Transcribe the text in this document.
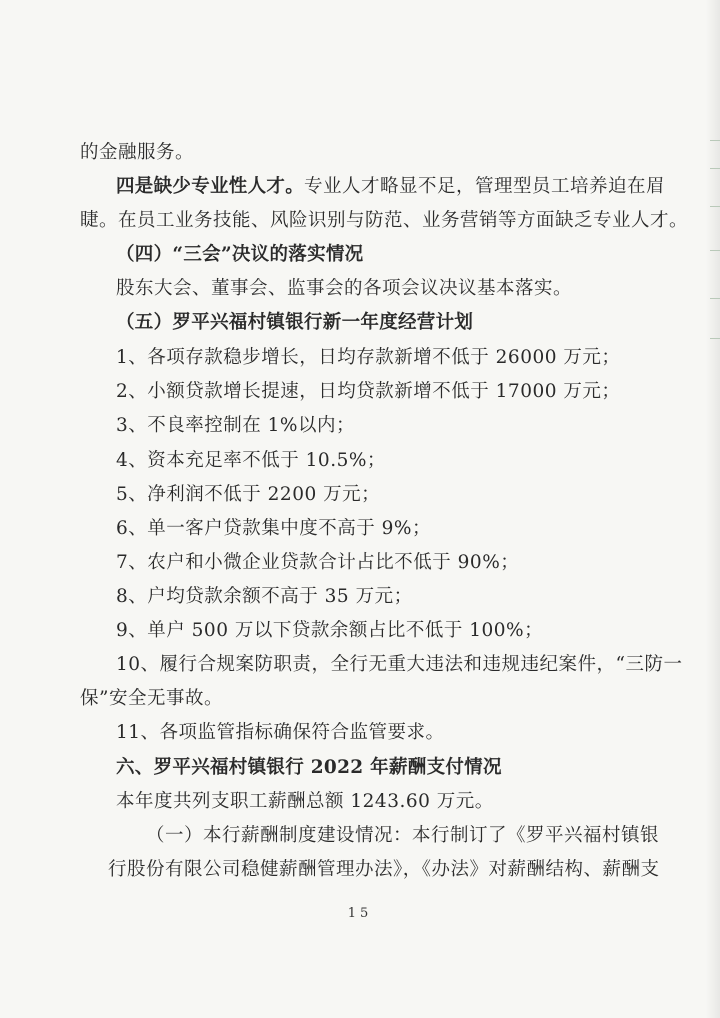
的金融服务。
四是缺少专业性人才。专业人才略显不足，管理型员工培养迫在眉
睫。在员工业务技能、风险识别与防范、业务营销等方面缺乏专业人才。
（四）“三会”决议的落实情况
股东大会、董事会、监事会的各项会议决议基本落实。
（五）罗平兴福村镇银行新一年度经营计划
1、各项存款稳步增长，日均存款新增不低于 26000 万元；
2、小额贷款增长提速，日均贷款新增不低于 17000 万元；
3、不良率控制在 1%以内；
4、资本充足率不低于 10.5%；
5、净利润不低于 2200 万元；
6、单一客户贷款集中度不高于 9%；
7、农户和小微企业贷款合计占比不低于 90%；
8、户均贷款余额不高于 35 万元；
9、单户 500 万以下贷款余额占比不低于 100%；
10、履行合规案防职责，全行无重大违法和违规违纪案件，“三防一
保”安全无事故。
11、各项监管指标确保符合监管要求。
六、罗平兴福村镇银行 2022 年薪酬支付情况
本年度共列支职工薪酬总额 1243.60 万元。
（一）本行薪酬制度建设情况：本行制订了《罗平兴福村镇银
行股份有限公司稳健薪酬管理办法》，《办法》对薪酬结构、薪酬支
15
